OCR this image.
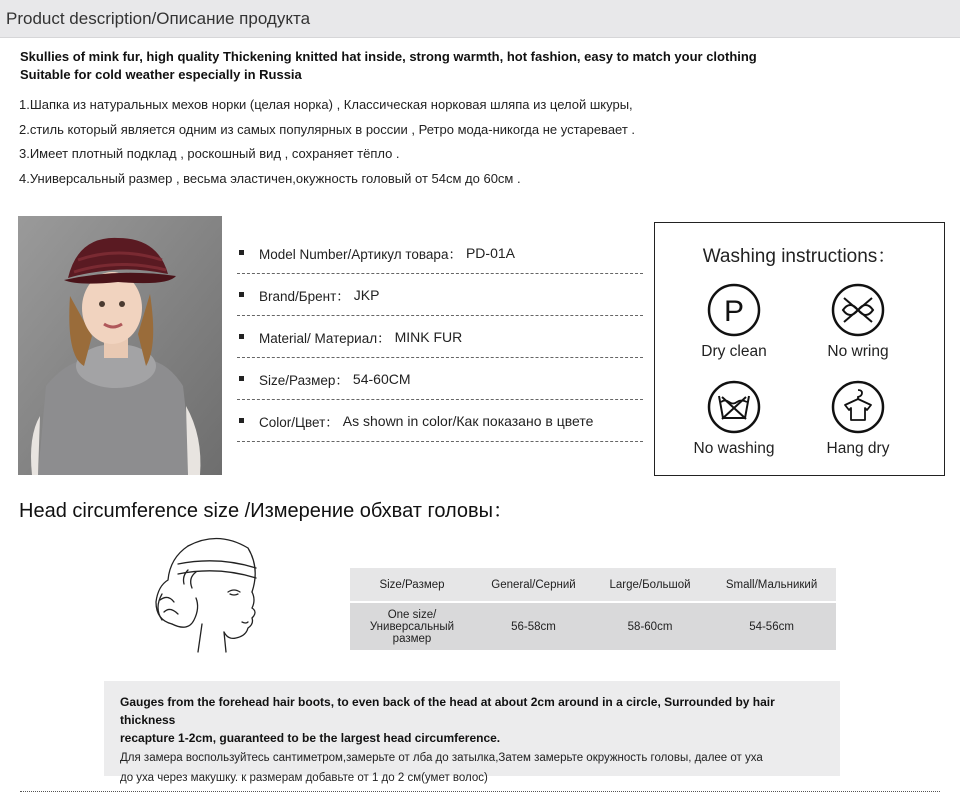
Product description/Описание продукта
Skullies of mink fur, high quality Thickening knitted hat inside, strong warmth, hot fashion, easy to match your clothing
Suitable for cold weather especially in Russia
1.Шапка из натуральных мехов норки (целая норка) , Классическая норковая шляпа из целой шкуры,
2.стиль который является одним из самых популярных в россии , Ретро мода-никогда не устаревает .
3.Имеет плотный подклад , роскошный вид , сохраняет тёпло .
4.Универсальный размер , весьма эластичен,окужность головый от 54см до 60см .
Model Number/Артикул товара： PD-01A
Brand/Брент： JKP
Material/ Материал： MINK FUR
Size/Размер： 54-60CM
Color/Цвет： As shown in color/Как показано в цвете
Washing instructions：
P
Dry clean	No wring
No washing	Hang dry
Head circumference size /Измерение обхват головы：
Size/Размер	General/Серний	Large/Большой	Small/Мальникий

One size/
Универсальный
размер	56-58cm	58-60cm	54-56cm
Gauges from the forehead hair boots, to even back of the head at about 2cm around in a circle, Surrounded by hair thickness
recapture 1-2cm, guaranteed to be the largest head circumference.
Для замера воспользуйтесь сантиметром,замерьте от лба до затылка,Затем замерьте окружность головы, далее от уха
до уха через макушку. к размерам добавьте от 1 до 2 см(умет волос)
